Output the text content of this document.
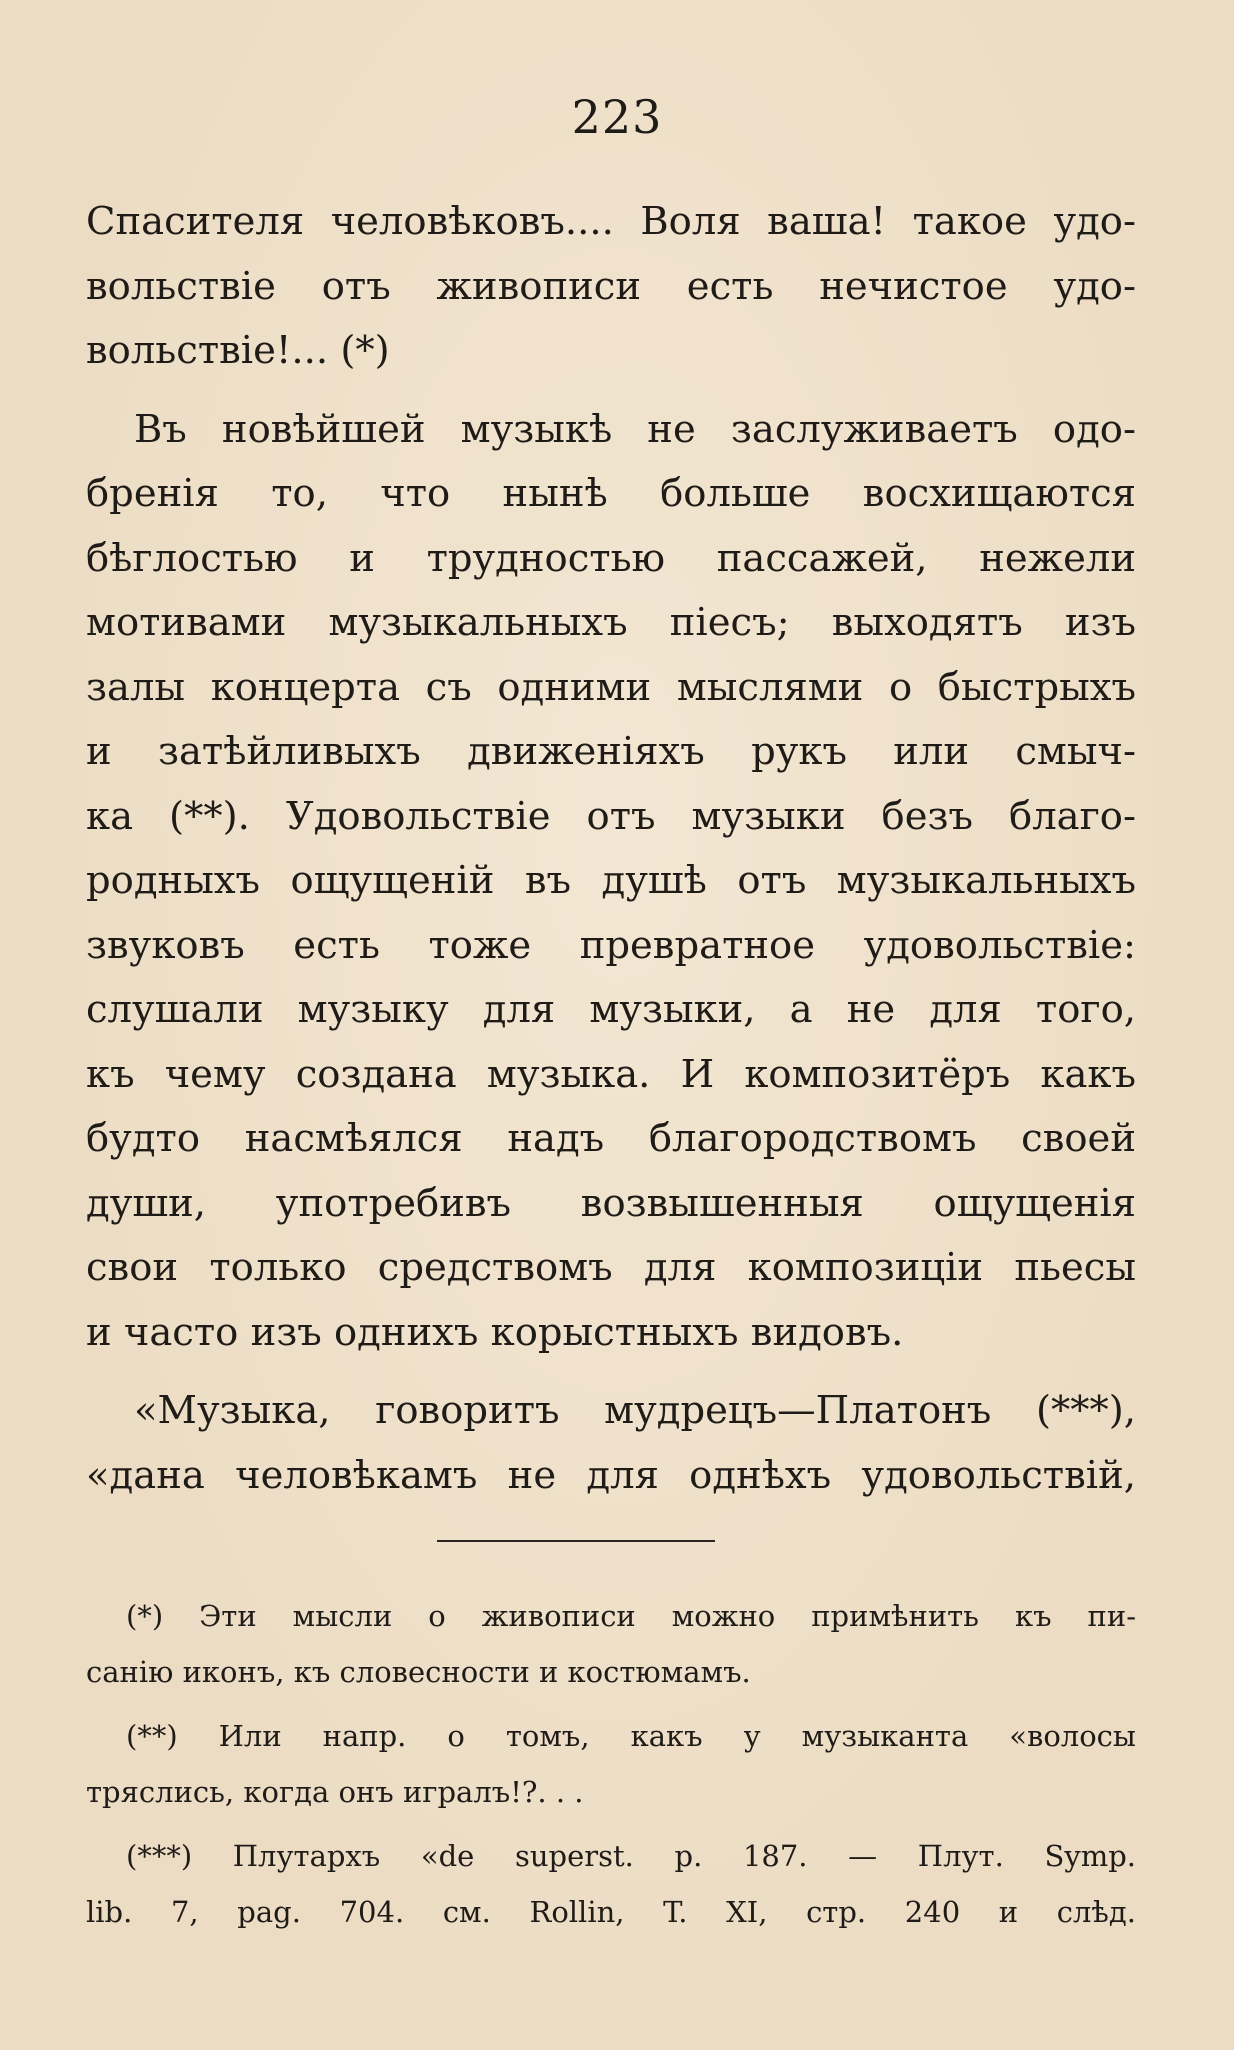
223
Спасителя человѣковъ.... Воля ваша! такое удо-
вольствіе отъ живописи есть нечистое удо-
вольствіе!... (*)
Въ новѣйшей музыкѣ не заслуживаетъ одо-
бренія то, что нынѣ больше восхищаются
бѣглостью и трудностью пассажей, нежели
мотивами музыкальныхъ піесъ; выходятъ изъ
залы концерта съ одними мыслями о быстрыхъ
и затѣйливыхъ движеніяхъ рукъ или смыч-
ка (**). Удовольствіе отъ музыки безъ благо-
родныхъ ощущеній въ душѣ отъ музыкальныхъ
звуковъ есть тоже превратное удовольствіе:
слушали музыку для музыки, а не для того,
къ чему создана музыка. И композитёръ какъ
будто насмѣялся надъ благородствомъ своей
души, употребивъ возвышенныя ощущенія
свои только средствомъ для композиціи пьесы
и часто изъ однихъ корыстныхъ видовъ.
«Музыка, говоритъ мудрецъ—Платонъ (***),
«дана человѣкамъ не для однѣхъ удовольствій,
(*) Эти мысли о живописи можно примѣнить къ пи-
санію иконъ, къ словесности и костюмамъ.
(**) Или напр. о томъ, какъ у музыканта «волосы
тряслись, когда онъ игралъ!?. . .
(***) Плутархъ «de superst. p. 187. — Плут. Symp.
lib. 7, pag. 704. см. Rollin, T. XI, стр. 240 и слѣд.
